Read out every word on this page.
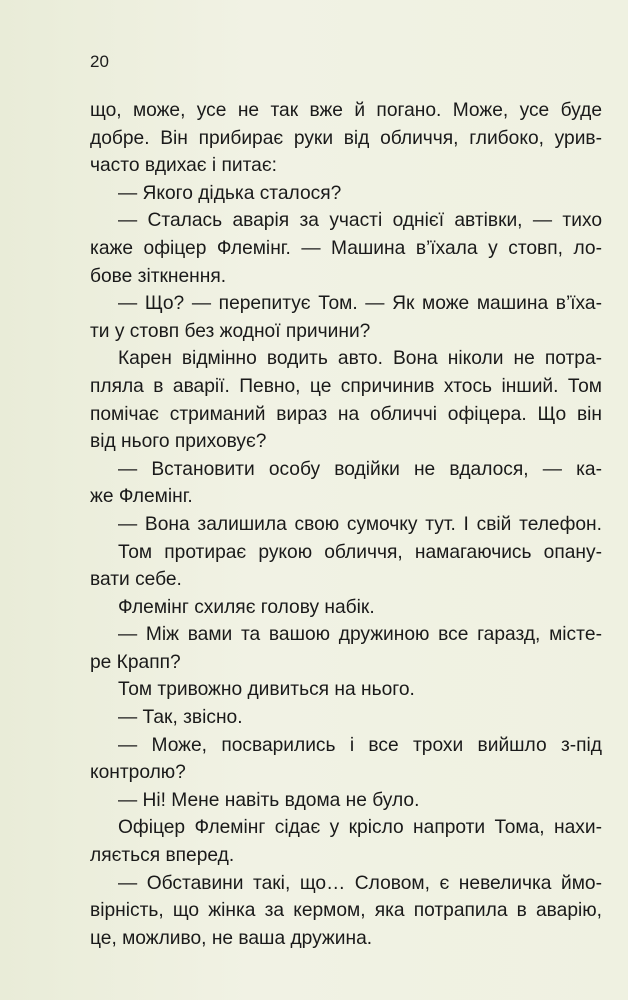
20
що, може, усе не так вже й погано. Може, усе буде
добре. Він прибирає руки від обличчя, глибоко, урив-
часто вдихає і питає:
— Якого дідька сталося?
— Сталась аварія за участі однієї автівки, — тихо
каже офіцер Флемінг. — Машина в’їхала у стовп, ло-
бове зіткнення.
— Що? — перепитує Том. — Як може машина в’їха-
ти у стовп без жодної причини?
Карен відмінно водить авто. Вона ніколи не потра-
пляла в аварії. Певно, це спричинив хтось інший. Том
помічає стриманий вираз на обличчі офіцера. Що він
від нього приховує?
— Встановити особу водійки не вдалося, — ка-
же Флемінг.
— Вона залишила свою сумочку тут. І свій телефон.
Том протирає рукою обличчя, намагаючись опану-
вати себе.
Флемінг схиляє голову набік.
— Між вами та вашою дружиною все гаразд, містe-
ре Крапп?
Том тривожно дивиться на нього.
— Так, звісно.
— Може, посварились і все трохи вийшло з-під
контролю?
— Ні! Мене навіть вдома не було.
Офіцер Флемінг сідає у крісло напроти Тома, нахи-
ляється вперед.
— Обставини такі, що… Словом, є невеличка ймо-
вірність, що жінка за кермом, яка потрапила в аварію,
це, можливо, не ваша дружина.
